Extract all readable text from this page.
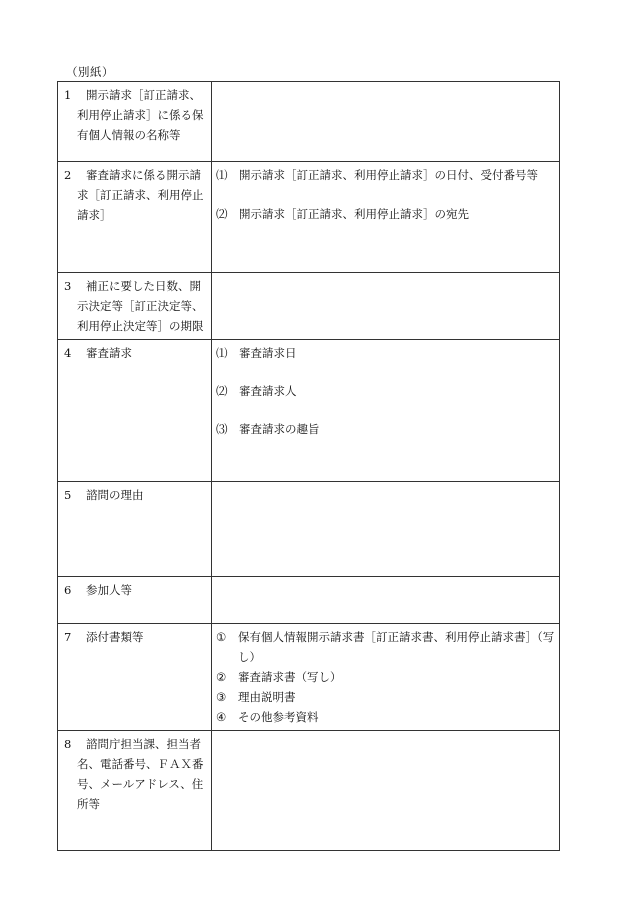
（別紙）
1 開示請求［訂正請求、利用停止請求］に係る保有個人情報の名称等	

2 審査請求に係る開示請求［訂正請求、利用停止請求］	⑴ 開示請求［訂正請求、利用停止請求］の日付、受付番号等
⑵ 開示請求［訂正請求、利用停止請求］の宛先

3 補正に要した日数、開示決定等［訂正決定等、利用停止決定等］の期限	

4 審査請求	⑴ 審査請求日
⑵ 審査請求人
⑶ 審査請求の趣旨

5 諮問の理由	

6 参加人等	

7 添付書類等	① 保有個人情報開示請求書［訂正請求書、利用停止請求書］（写し）
② 審査請求書（写し）
③ 理由説明書
④ その他参考資料

8 諮問庁担当課、担当者名、電話番号、ＦＡＸ番号、メールアドレス、住所等	
